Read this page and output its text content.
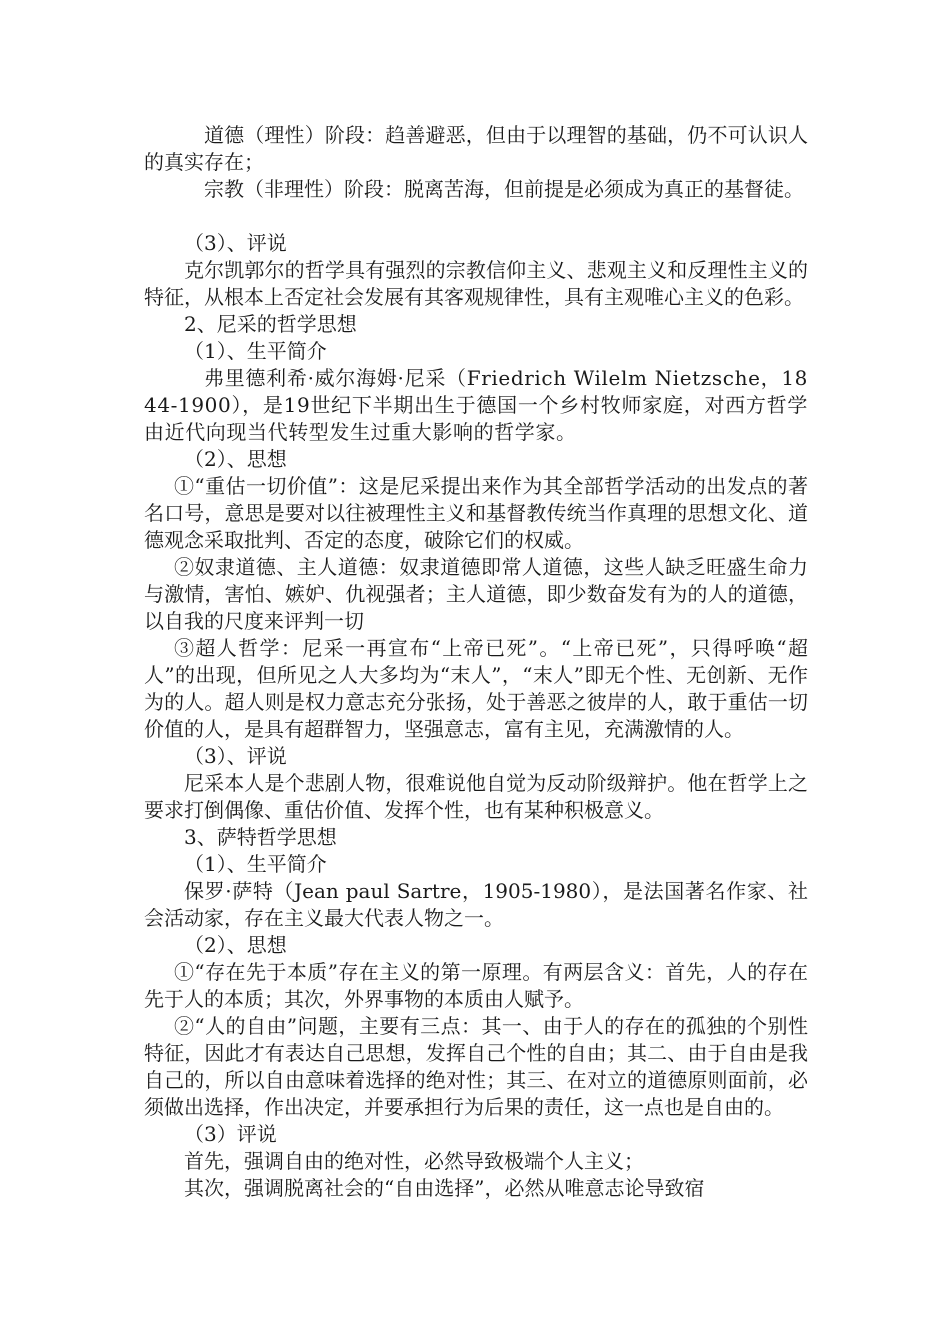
道德（理性）阶段：趋善避恶，但由于以理智的基础，仍不可认识人的真实存在；

宗教（非理性）阶段：脱离苦海，但前提是必须成为真正的基督徒。

（3）、评说

克尔凯郭尔的哲学具有强烈的宗教信仰主义、悲观主义和反理性主义的特征，从根本上否定社会发展有其客观规律性，具有主观唯心主义的色彩。

2、尼采的哲学思想

（1）、生平简介

弗里德利希·威尔海姆·尼采（Friedrich Wilelm Nietzsche，1844-1900），是19世纪下半期出生于德国一个乡村牧师家庭，对西方哲学由近代向现当代转型发生过重大影响的哲学家。

（2）、思想

①“重估一切价值”：这是尼采提出来作为其全部哲学活动的出发点的著名口号，意思是要对以往被理性主义和基督教传统当作真理的思想文化、道德观念采取批判、否定的态度，破除它们的权威。

②奴隶道德、主人道德：奴隶道德即常人道德，这些人缺乏旺盛生命力与激情，害怕、嫉妒、仇视强者；主人道德，即少数奋发有为的人的道德，以自我的尺度来评判一切

③超人哲学：尼采一再宣布“上帝已死”。“上帝已死”，只得呼唤“超人”的出现，但所见之人大多均为“末人”，“末人”即无个性、无创新、无作为的人。超人则是权力意志充分张扬，处于善恶之彼岸的人，敢于重估一切价值的人，是具有超群智力，坚强意志，富有主见，充满激情的人。

（3）、评说

尼采本人是个悲剧人物，很难说他自觉为反动阶级辩护。他在哲学上之要求打倒偶像、重估价值、发挥个性，也有某种积极意义。

3、萨特哲学思想

（1）、生平简介

保罗·萨特（Jean paul Sartre，1905-1980），是法国著名作家、社会活动家，存在主义最大代表人物之一。

（2）、思想

①“存在先于本质”存在主义的第一原理。有两层含义：首先，人的存在先于人的本质；其次，外界事物的本质由人赋予。

②“人的自由”问题，主要有三点：其一、由于人的存在的孤独的个别性特征，因此才有表达自己思想，发挥自己个性的自由；其二、由于自由是我自己的，所以自由意味着选择的绝对性；其三、在对立的道德原则面前，必须做出选择，作出决定，并要承担行为后果的责任，这一点也是自由的。

（3）评说

首先，强调自由的绝对性，必然导致极端个人主义；

其次，强调脱离社会的“自由选择”，必然从唯意志论导致宿
